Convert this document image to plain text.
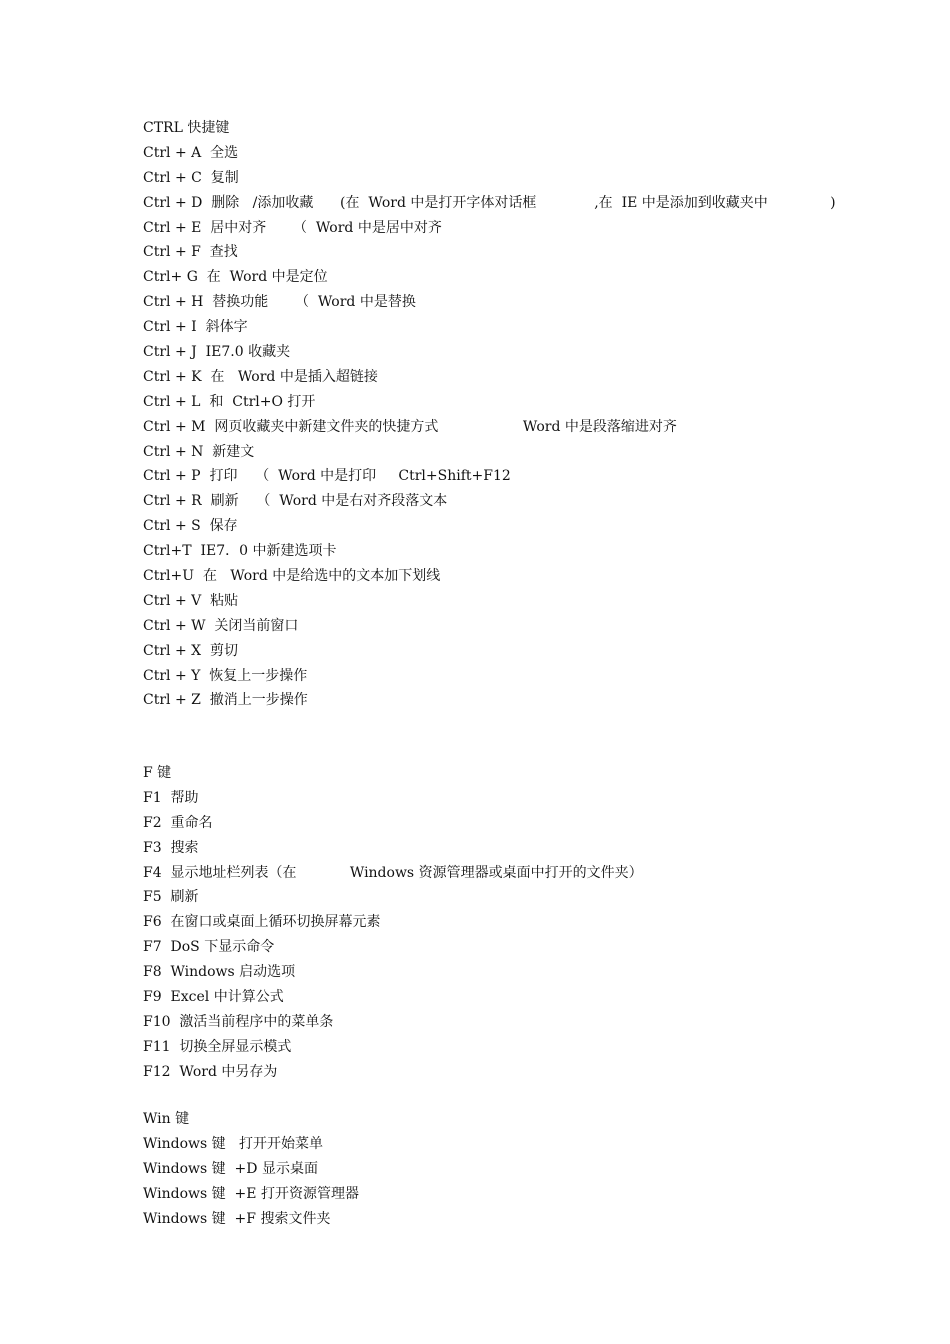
CTRL 快捷键
Ctrl + A  全选
Ctrl + C  复制
Ctrl + D  删除   /添加收藏      (在  Word 中是打开字体对话框             ,在  IE 中是添加到收藏夹中              )
Ctrl + E  居中对齐      （  Word 中是居中对齐
Ctrl + F  查找
Ctrl+ G  在  Word 中是定位
Ctrl + H  替换功能      （  Word 中是替换
Ctrl + I  斜体字
Ctrl + J  IE7.0 收藏夹
Ctrl + K  在   Word 中是插入超链接
Ctrl + L  和  Ctrl+O 打开
Ctrl + M  网页收藏夹中新建文件夹的快捷方式                   Word 中是段落缩进对齐
Ctrl + N  新建文
Ctrl + P  打印    （  Word 中是打印     Ctrl+Shift+F12
Ctrl + R  刷新    （  Word 中是右对齐段落文本
Ctrl + S  保存
Ctrl+T  IE7．0 中新建选项卡
Ctrl+U  在   Word 中是给选中的文本加下划线
Ctrl + V  粘贴
Ctrl + W  关闭当前窗口
Ctrl + X  剪切
Ctrl + Y  恢复上一步操作
Ctrl + Z  撤消上一步操作
F 键
F1  帮助
F2  重命名
F3  搜索
F4  显示地址栏列表（在            Windows 资源管理器或桌面中打开的文件夹）
F5  刷新
F6  在窗口或桌面上循环切换屏幕元素
F7  DoS 下显示命令
F8  Windows 启动选项
F9  Excel 中计算公式
F10  激活当前程序中的菜单条
F11  切换全屏显示模式
F12  Word 中另存为
Win 键
Windows 键   打开开始菜单
Windows 键  +D 显示桌面
Windows 键  +E 打开资源管理器
Windows 键  +F 搜索文件夹
